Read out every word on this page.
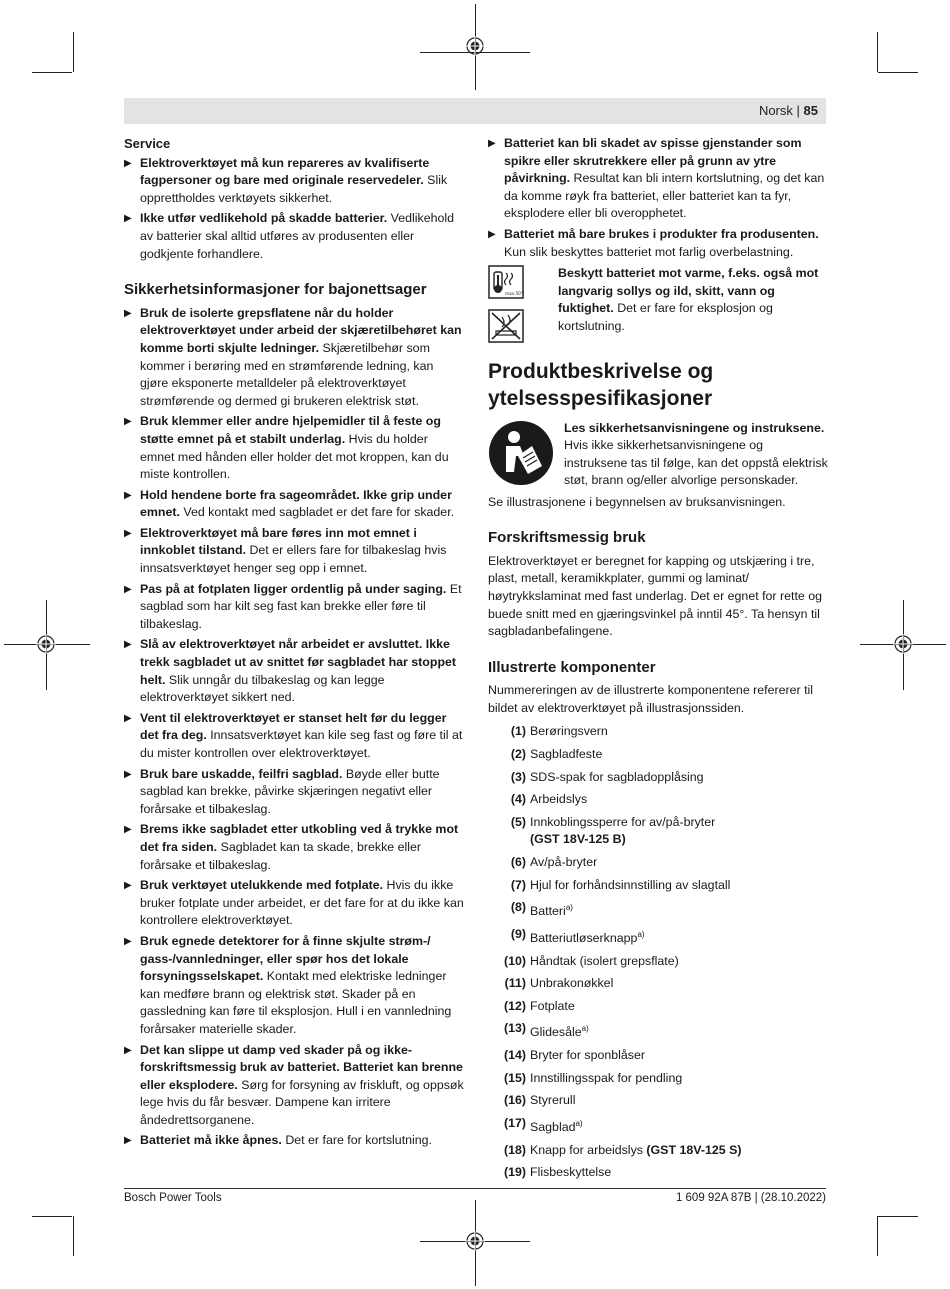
Norsk | 85
Service
▶ Elektroverktøyet må kun repareres av kvalifiserte fagpersoner og bare med originale reservedeler. Slik opprettholdes verktøyets sikkerhet.
▶ Ikke utfør vedlikehold på skadde batterier. Vedlikehold av batterier skal alltid utføres av produsenten eller godkjente forhandlere.
Sikkerhetsinformasjoner for bajonettsager
▶ Bruk de isolerte grepsflatene når du holder elektroverktøyet under arbeid der skjæretilbehøret kan komme borti skjulte ledninger. Skjæretilbehør som kommer i berøring med en strømførende ledning, kan gjøre eksponerte metalldeler på elektroverktøyet strømførende og dermed gi brukeren elektrisk støt.
▶ Bruk klemmer eller andre hjelpemidler til å feste og støtte emnet på et stabilt underlag. Hvis du holder emnet med hånden eller holder det mot kroppen, kan du miste kontrollen.
▶ Hold hendene borte fra sageområdet. Ikke grip under emnet. Ved kontakt med sagbladet er det fare for skader.
▶ Elektroverktøyet må bare føres inn mot emnet i innkoblet tilstand. Det er ellers fare for tilbakeslag hvis innsatsverktøyet henger seg opp i emnet.
▶ Pas på at fotplaten ligger ordentlig på under saging. Et sagblad som har kilt seg fast kan brekke eller føre til tilbakeslag.
▶ Slå av elektroverktøyet når arbeidet er avsluttet. Ikke trekk sagbladet ut av snittet før sagbladet har stoppet helt. Slik unngår du tilbakeslag og kan legge elektroverktøyet sikkert ned.
▶ Vent til elektroverktøyet er stanset helt før du legger det fra deg. Innsatsverktøyet kan kile seg fast og føre til at du mister kontrollen over elektroverktøyet.
▶ Bruk bare uskadde, feilfri sagblad. Bøyde eller butte sagblad kan brekke, påvirke skjæringen negativt eller forårsake et tilbakeslag.
▶ Brems ikke sagbladet etter utkobling ved å trykke mot det fra siden. Sagbladet kan ta skade, brekke eller forårsake et tilbakeslag.
▶ Bruk verktøyet utelukkende med fotplate. Hvis du ikke bruker fotplate under arbeidet, er det fare for at du ikke kan kontrollere elektroverktøyet.
▶ Bruk egnede detektorer for å finne skjulte strøm-/ gass-/vannledninger, eller spør hos det lokale forsyningsselskapet. Kontakt med elektriske ledninger kan medføre brann og elektrisk støt. Skader på en gassledning kan føre til eksplosjon. Hull i en vannledning forårsaker materielle skader.
▶ Det kan slippe ut damp ved skader på og ikke-forskriftsmessig bruk av batteriet. Batteriet kan brenne eller eksplodere. Sørg for forsyning av friskluft, og oppsøk lege hvis du får besvær. Dampene kan irritere åndedrettsorganene.
▶ Batteriet må ikke åpnes. Det er fare for kortslutning.
▶ Batteriet kan bli skadet av spisse gjenstander som spikre eller skrutrekkere eller på grunn av ytre påvirkning. Resultat kan bli intern kortslutning, og det kan da komme røyk fra batteriet, eller batteriet kan ta fyr, eksplodere eller bli overopphetet.
▶ Batteriet må bare brukes i produkter fra produsenten. Kun slik beskyttes batteriet mot farlig overbelastning.
max.50°C
Beskytt batteriet mot varme, f.eks. også mot langvarig sollys og ild, skitt, vann og fuktighet. Det er fare for eksplosjon og kortslutning.
Produktbeskrivelse og
ytelsesspesifikasjoner
Les sikkerhetsanvisningene og instruksene. Hvis ikke sikkerhetsanvisningene og instruksene tas til følge, kan det oppstå elektrisk støt, brann og/eller alvorlige personskader.
Se illustrasjonene i begynnelsen av bruksanvisningen.
Forskriftsmessig bruk
Elektroverktøyet er beregnet for kapping og utskjæring i tre, plast, metall, keramikkplater, gummi og laminat/ høytrykkslaminat med fast underlag. Det er egnet for rette og buede snitt med en gjæringsvinkel på inntil 45°. Ta hensyn til sagbladanbefalingene.
Illustrerte komponenter
Nummereringen av de illustrerte komponentene refererer til bildet av elektroverktøyet på illustrasjonssiden.
(1) Berøringsvern
(2) Sagbladfeste
(3) SDS-spak for sagbladopplåsing
(4) Arbeidslys
(5) Innkoblingssperre for av/på-bryter
(GST 18V-125 B)
(6) Av/på-bryter
(7) Hjul for forhåndsinnstilling av slagtall
(8) Batteri$^{a)}$
(9) Batteriutløserknapp$^{a)}$
(10) Håndtak (isolert grepsflate)
(11) Unbrakonøkkel
(12) Fotplate
(13) Glidesåle$^{a)}$
(14) Bryter for sponblåser
(15) Innstillingsspak for pendling
(16) Styrerull
(17) Sagblad$^{a)}$
(18) Knapp for arbeidslys (GST 18V-125 S)
(19) Flisbeskyttelse
Bosch Power Tools	1 609 92A 87B | (28.10.2022)
